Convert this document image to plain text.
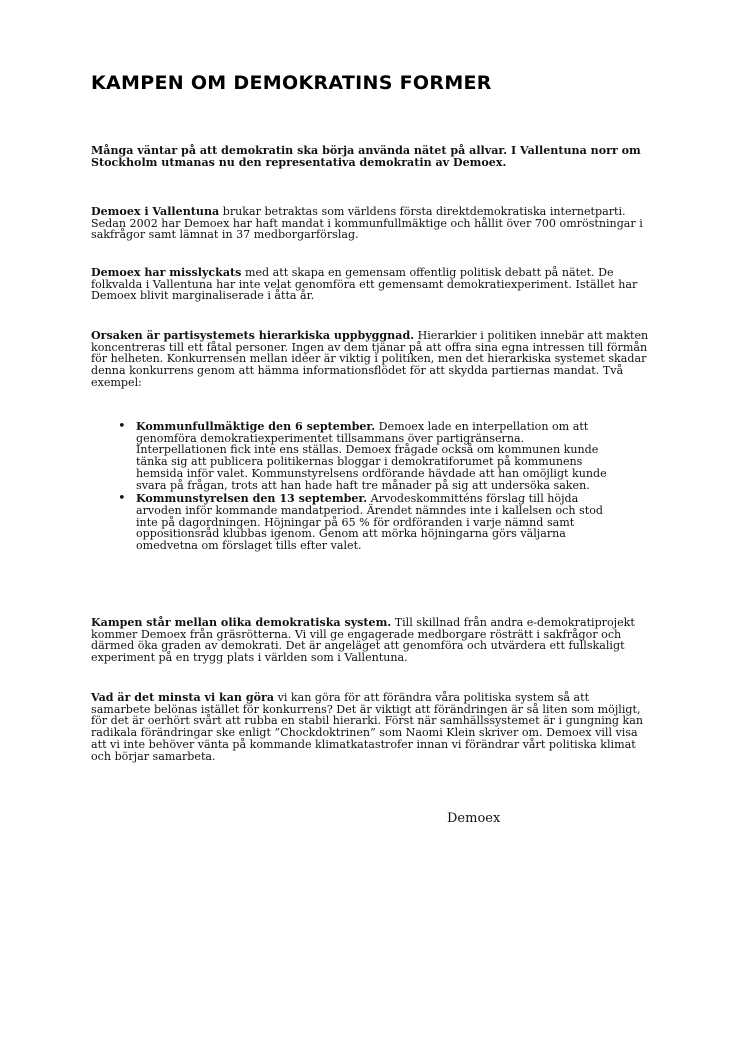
KAMPEN OM DEMOKRATINS FORMER

Många väntar på att demokratin ska börja använda nätet på allvar. I Vallentuna norr om Stockholm utmanas nu den representativa demokratin av Demoex.

Demoex i Vallentuna brukar betraktas som världens första direktdemokratiska internetparti. Sedan 2002 har Demoex har haft mandat i kommunfullmäktige och hållit över 700 omröstningar i sakfrågor samt lämnat in 37 medborgarförslag.

Demoex har misslyckats med att skapa en gemensam offentlig politisk debatt på nätet. De folkvalda i Vallentuna har inte velat genomföra ett gemensamt demokratiexperiment. Istället har Demoex blivit marginaliserade i åtta år.

Orsaken är partisystemets hierarkiska uppbyggnad. Hierarkier i politiken innebär att makten koncentreras till ett fåtal personer. Ingen av dem tjänar på att offra sina egna intressen till förmån för helheten. Konkurrensen mellan idéer är viktig i politiken, men det hierarkiska systemet skadar denna konkurrens genom att hämma informationsflödet för att skydda partiernas mandat. Två exempel:

• Kommunfullmäktige den 6 september. Demoex lade en interpellation om att genomföra demokratiexperimentet tillsammans över partigränserna. Interpellationen fick inte ens ställas. Demoex frågade också om kommunen kunde tänka sig att publicera politikernas bloggar i demokratiforumet på kommunens hemsida inför valet. Kommunstyrelsens ordförande hävdade att han omöjligt kunde svara på frågan, trots att han hade haft tre månader på sig att undersöka saken.
• Kommunstyrelsen den 13 september. Arvodeskommitténs förslag till höjda arvoden inför kommande mandatperiod. Ärendet nämndes inte i kallelsen och stod inte på dagordningen. Höjningar på 65 % för ordföranden i varje nämnd samt oppositionsråd klubbas igenom. Genom att mörka höjningarna görs väljarna omedvetna om förslaget tills efter valet.

Kampen står mellan olika demokratiska system. Till skillnad från andra e-demokratiprojekt kommer Demoex från gräsrötterna. Vi vill ge engagerade medborgare rösträtt i sakfrågor och därmed öka graden av demokrati. Det är angeläget att genomföra och utvärdera ett fullskaligt experiment på en trygg plats i världen som i Vallentuna.

Vad är det minsta vi kan göra vi kan göra för att förändra våra politiska system så att samarbete belönas istället för konkurrens? Det är viktigt att förändringen är så liten som möjligt, för det är oerhört svårt att rubba en stabil hierarki. Först när samhällssystemet är i gungning kan radikala förändringar ske enligt ”Chockdoktrinen” som Naomi Klein skriver om. Demoex vill visa att vi inte behöver vänta på kommande klimatkatastrofer innan vi förändrar vårt politiska klimat och börjar samarbeta.

Demoex
